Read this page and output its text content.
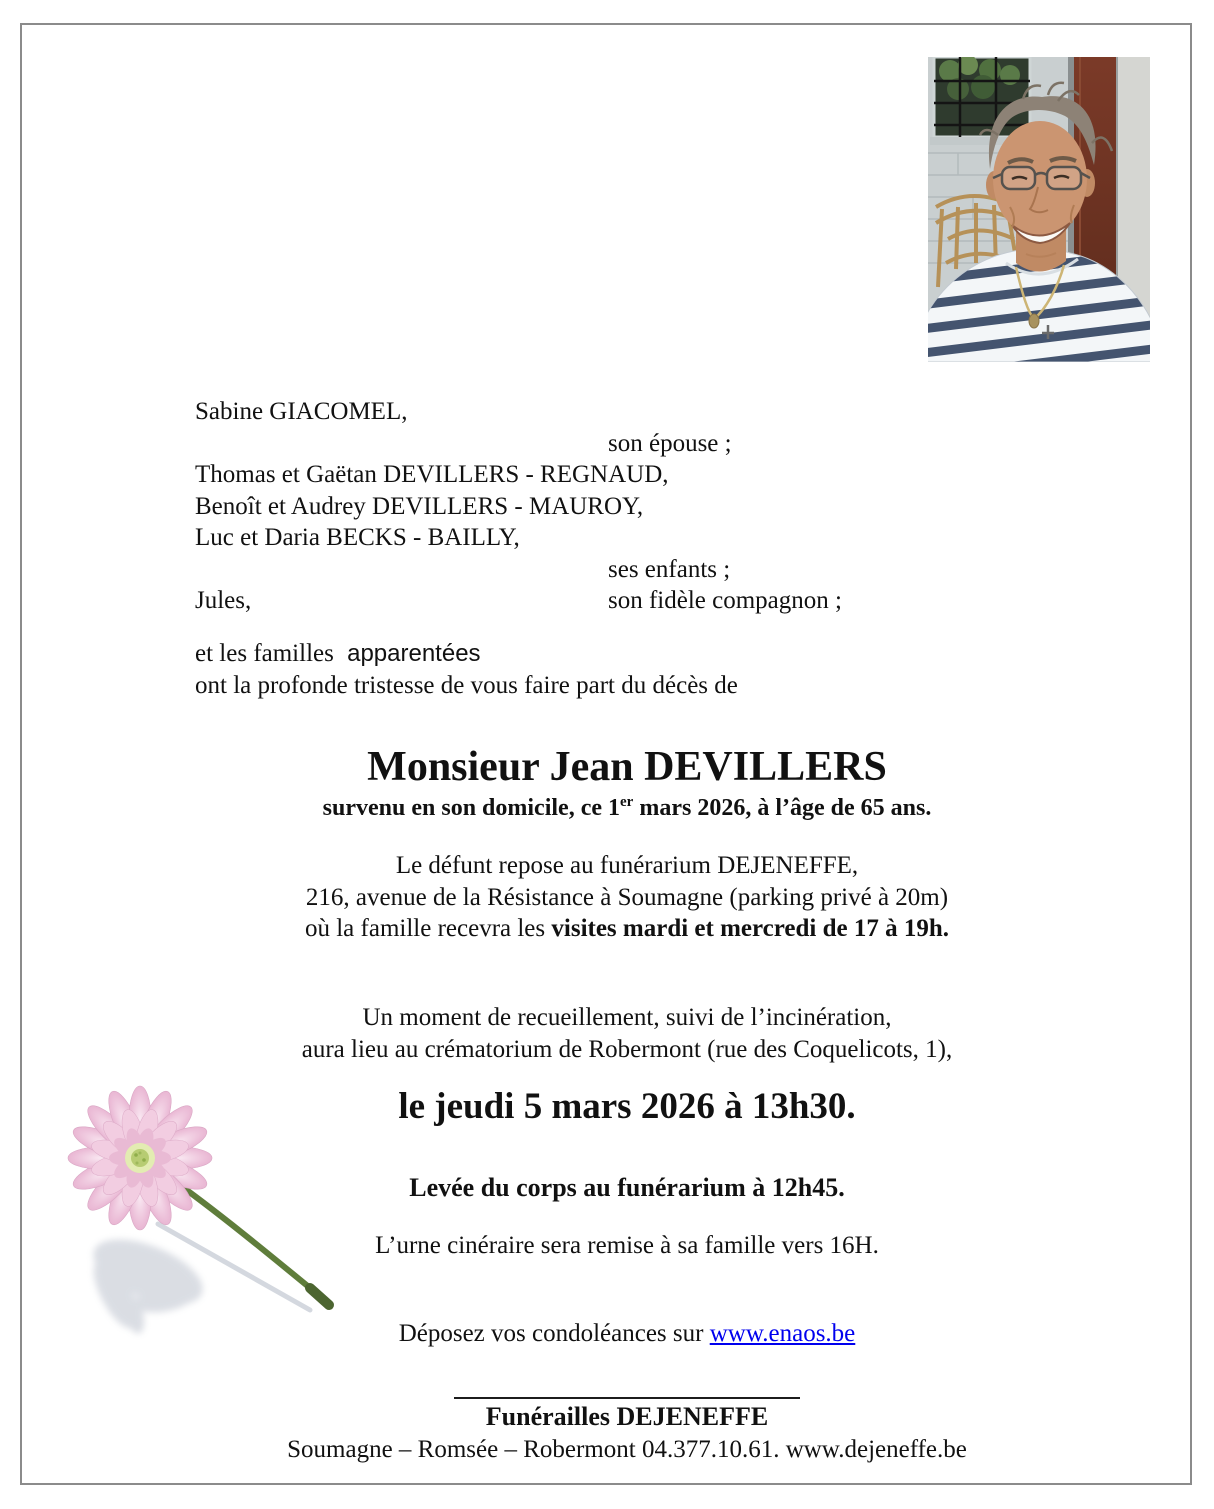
Sabine GIACOMEL,
son épouse ;
Thomas et Gaëtan DEVILLERS - REGNAUD,
Benoît et Audrey DEVILLERS - MAUROY,
Luc et Daria BECKS - BAILLY,
ses enfants ;
Jules,	son fidèle compagnon ;
et les familles apparentées
ont la profonde tristesse de vous faire part du décès de
Monsieur Jean DEVILLERS
survenu en son domicile, ce 1er mars 2026, à l’âge de 65 ans.
Le défunt repose au funérarium DEJENEFFE,
216, avenue de la Résistance à Soumagne (parking privé à 20m)
où la famille recevra les visites mardi et mercredi de 17 à 19h.
Un moment de recueillement, suivi de l’incinération,
aura lieu au crématorium de Robermont (rue des Coquelicots, 1),
le jeudi 5 mars 2026 à 13h30.
Levée du corps au funérarium à 12h45.
L’urne cinéraire sera remise à sa famille vers 16H.
Déposez vos condoléances sur www.enaos.be
Funérailles DEJENEFFE
Soumagne – Romsée – Robermont 04.377.10.61. www.dejeneffe.be
